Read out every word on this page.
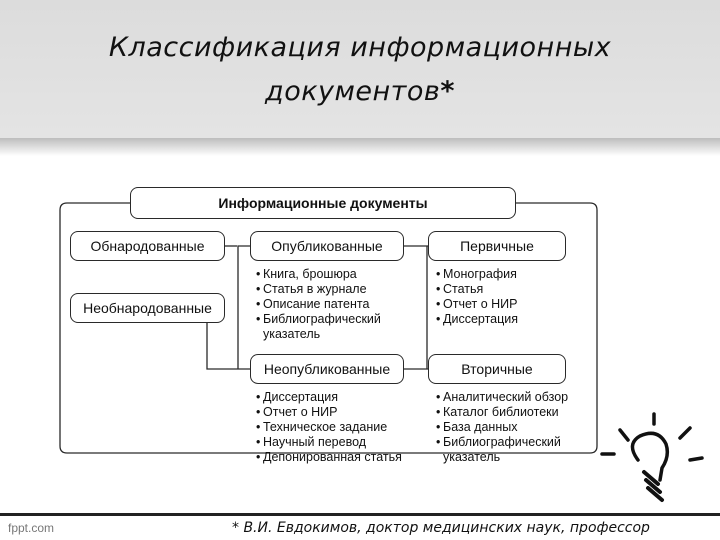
Классификация информационных
документов*
Информационные документы
Обнародованные
Необнародованные
Опубликованные
• Книга, брошюра
• Статья в журнале
• Описание патента
• Библиографический
указатель
Неопубликованные
• Диссертация
• Отчет о НИР
• Техническое задание
• Научный перевод
• Депонированная статья
Первичные
• Монография
• Статья
• Отчет о НИР
• Диссертация
Вторичные
• Аналитический обзор
• Каталог библиотеки
• База данных
• Библиографический
указатель
fppt.com	* В.И. Евдокимов, доктор медицинских наук, профессор
